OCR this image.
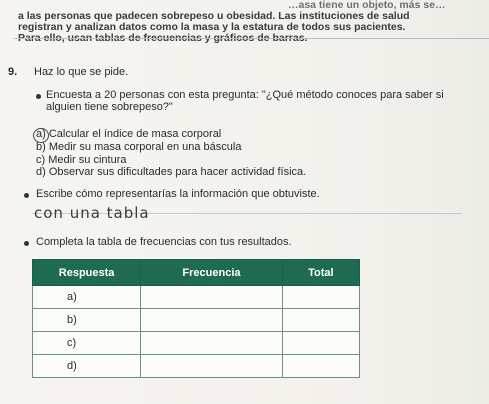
…asa tiene un objeto, más se…
a las personas que padecen sobrepeso u obesidad. Las instituciones de salud
registran y analizan datos como la masa y la estatura de todos sus pacientes.
Para ello, usan tablas de frecuencias y gráficos de barras.
9. Haz lo que se pide.
Encuesta a 20 personas con esta pregunta: "¿Qué método conoces para saber si
alguien tiene sobrepeso?"
a) Calcular el índice de masa corporal
b) Medir su masa corporal en una báscula
c) Medir su cintura
d) Observar sus dificultades para hacer actividad física.
Escribe cómo representarías la información que obtuviste.
con una tabla
Completa la tabla de frecuencias con tus resultados.
Respuesta	Frecuencia	Total
a)		
b)		
c)		
d)		
